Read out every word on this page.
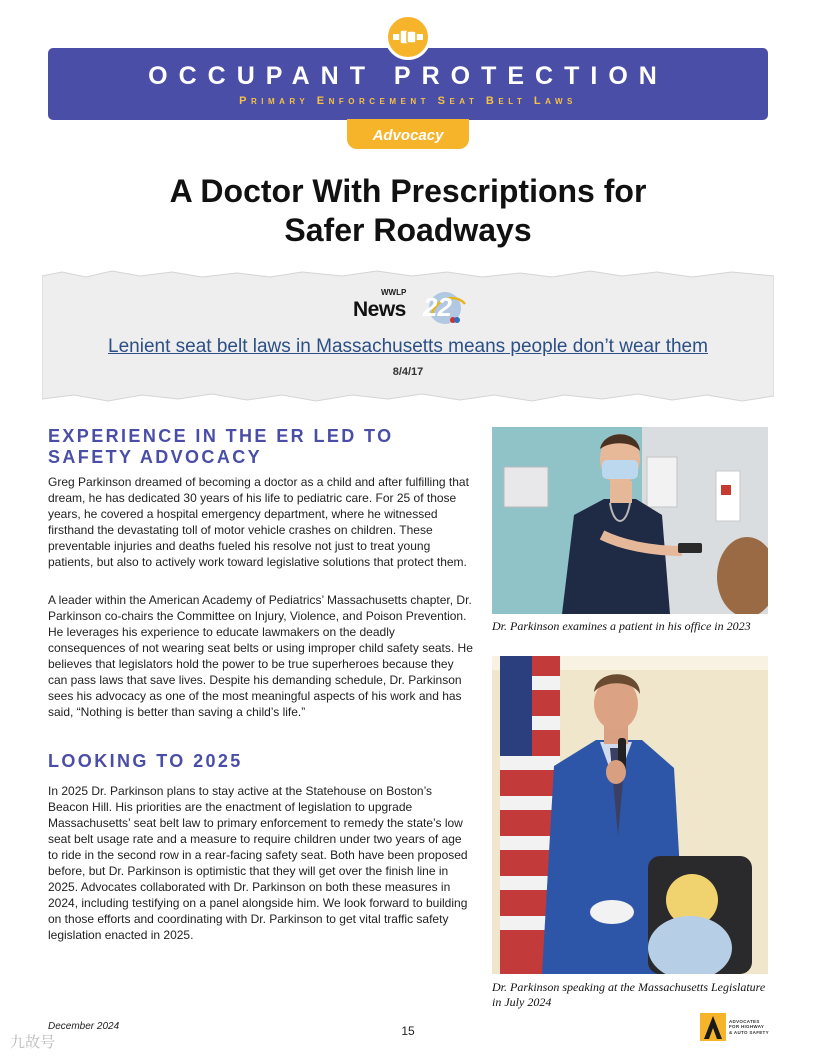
OCCUPANT PROTECTION
Primary Enforcement Seat Belt Laws
Advocacy
A Doctor With Prescriptions for
Safer Roadways
WWLP
News 22
Lenient seat belt laws in Massachusetts means people don’t wear them
8/4/17
EXPERIENCE IN THE ER LED TO
SAFETY ADVOCACY

Greg Parkinson dreamed of becoming a doctor as a child and after fulfilling that dream, he has dedicated 30 years of his life to pediatric care. For 25 of those years, he covered a hospital emergency department, where he witnessed firsthand the devastating toll of motor vehicle crashes on children. These preventable injuries and deaths fueled his resolve not just to treat young patients, but also to actively work toward legislative solutions that protect them.

A leader within the American Academy of Pediatrics’ Massachusetts chapter, Dr. Parkinson co-chairs the Committee on Injury, Violence, and Poison Prevention. He leverages his experience to educate lawmakers on the deadly consequences of not wearing seat belts or using improper child safety seats. He believes that legislators hold the power to be true superheroes because they can pass laws that save lives. Despite his demanding schedule, Dr. Parkinson sees his advocacy as one of the most meaningful aspects of his work and has said, “Nothing is better than saving a child’s life.”

LOOKING TO 2025

In 2025 Dr. Parkinson plans to stay active at the Statehouse on Boston’s Beacon Hill. His priorities are the enactment of legislation to upgrade Massachusetts’ seat belt law to primary enforcement to remedy the state’s low seat belt usage rate and a measure to require children under two years of age to ride in the second row in a rear-facing safety seat. Both have been proposed before, but Dr. Parkinson is optimistic that they will get over the finish line in 2025. Advocates collaborated with Dr. Parkinson on both these measures in 2024, including testifying on a panel alongside him. We look forward to building on those efforts and coordinating with Dr. Parkinson to get vital traffic safety legislation enacted in 2025.

Dr. Parkinson examines a patient in his office in 2023
Dr. Parkinson speaking at the Massachusetts Legislature in July 2024
December 2024	15
ADVOCATES
FOR HIGHWAY
& AUTO SAFETY
九故号
